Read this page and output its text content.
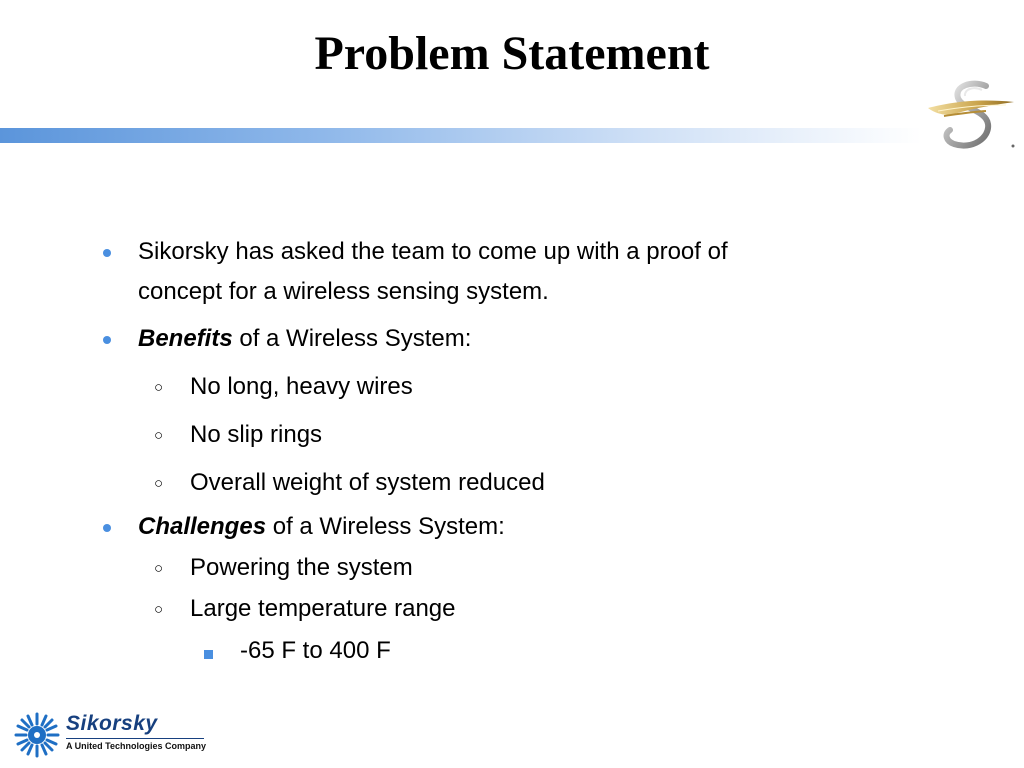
Problem Statement
Sikorsky has asked the team to come up with a proof of
concept for a wireless sensing system.
Benefits of a Wireless System:
○ No long, heavy wires
○ No slip rings
○ Overall weight of system reduced
Challenges of a Wireless System:
○ Powering the system
○ Large temperature range
-65 F to 400 F
Sikorsky
A United Technologies Company
